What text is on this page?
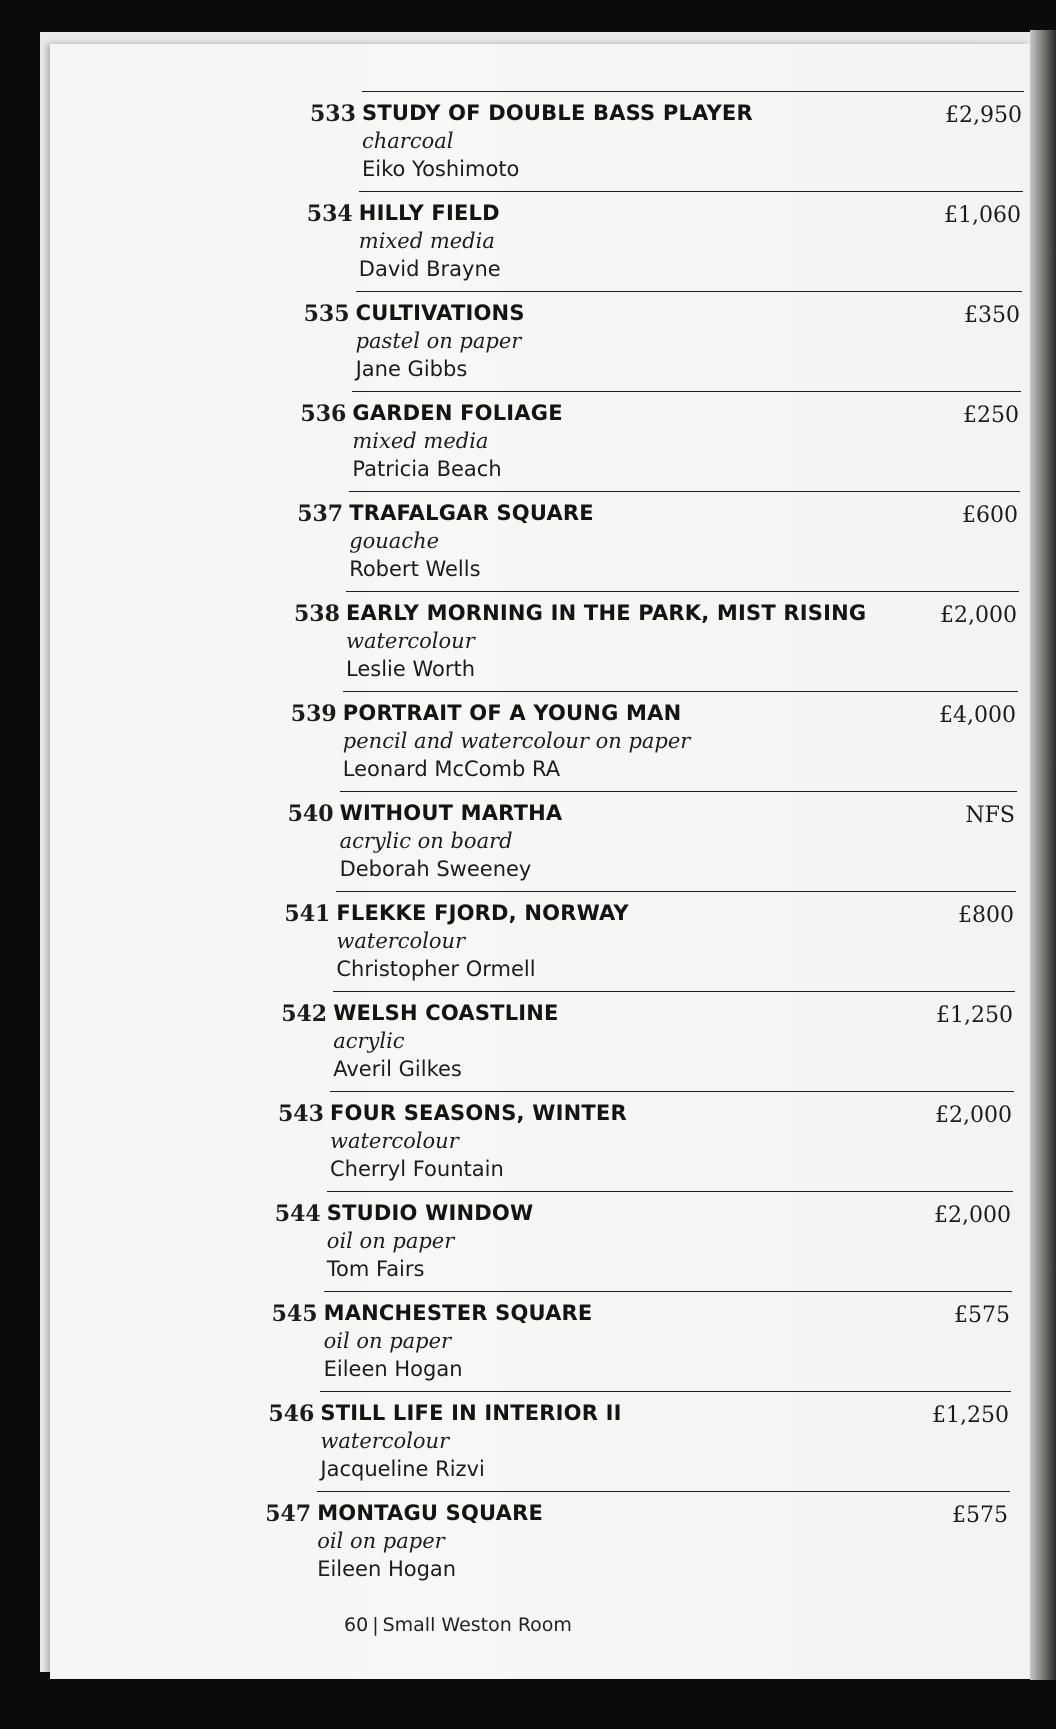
533 STUDY OF DOUBLE BASS PLAYER
charcoal
Eiko Yoshimoto
£2,950
534 HILLY FIELD
mixed media
David Brayne
£1,060
535 CULTIVATIONS
pastel on paper
Jane Gibbs
£350
536 GARDEN FOLIAGE
mixed media
Patricia Beach
£250
537 TRAFALGAR SQUARE
gouache
Robert Wells
£600
538 EARLY MORNING IN THE PARK, MIST RISING
watercolour
Leslie Worth
£2,000
539 PORTRAIT OF A YOUNG MAN
pencil and watercolour on paper
Leonard McComb RA
£4,000
540 WITHOUT MARTHA
acrylic on board
Deborah Sweeney
NFS
541 FLEKKE FJORD, NORWAY
watercolour
Christopher Ormell
£800
542 WELSH COASTLINE
acrylic
Averil Gilkes
£1,250
543 FOUR SEASONS, WINTER
watercolour
Cherryl Fountain
£2,000
544 STUDIO WINDOW
oil on paper
Tom Fairs
£2,000
545 MANCHESTER SQUARE
oil on paper
Eileen Hogan
£575
546 STILL LIFE IN INTERIOR II
watercolour
Jacqueline Rizvi
£1,250
547 MONTAGU SQUARE
oil on paper
Eileen Hogan
£575
60 | Small Weston Room
